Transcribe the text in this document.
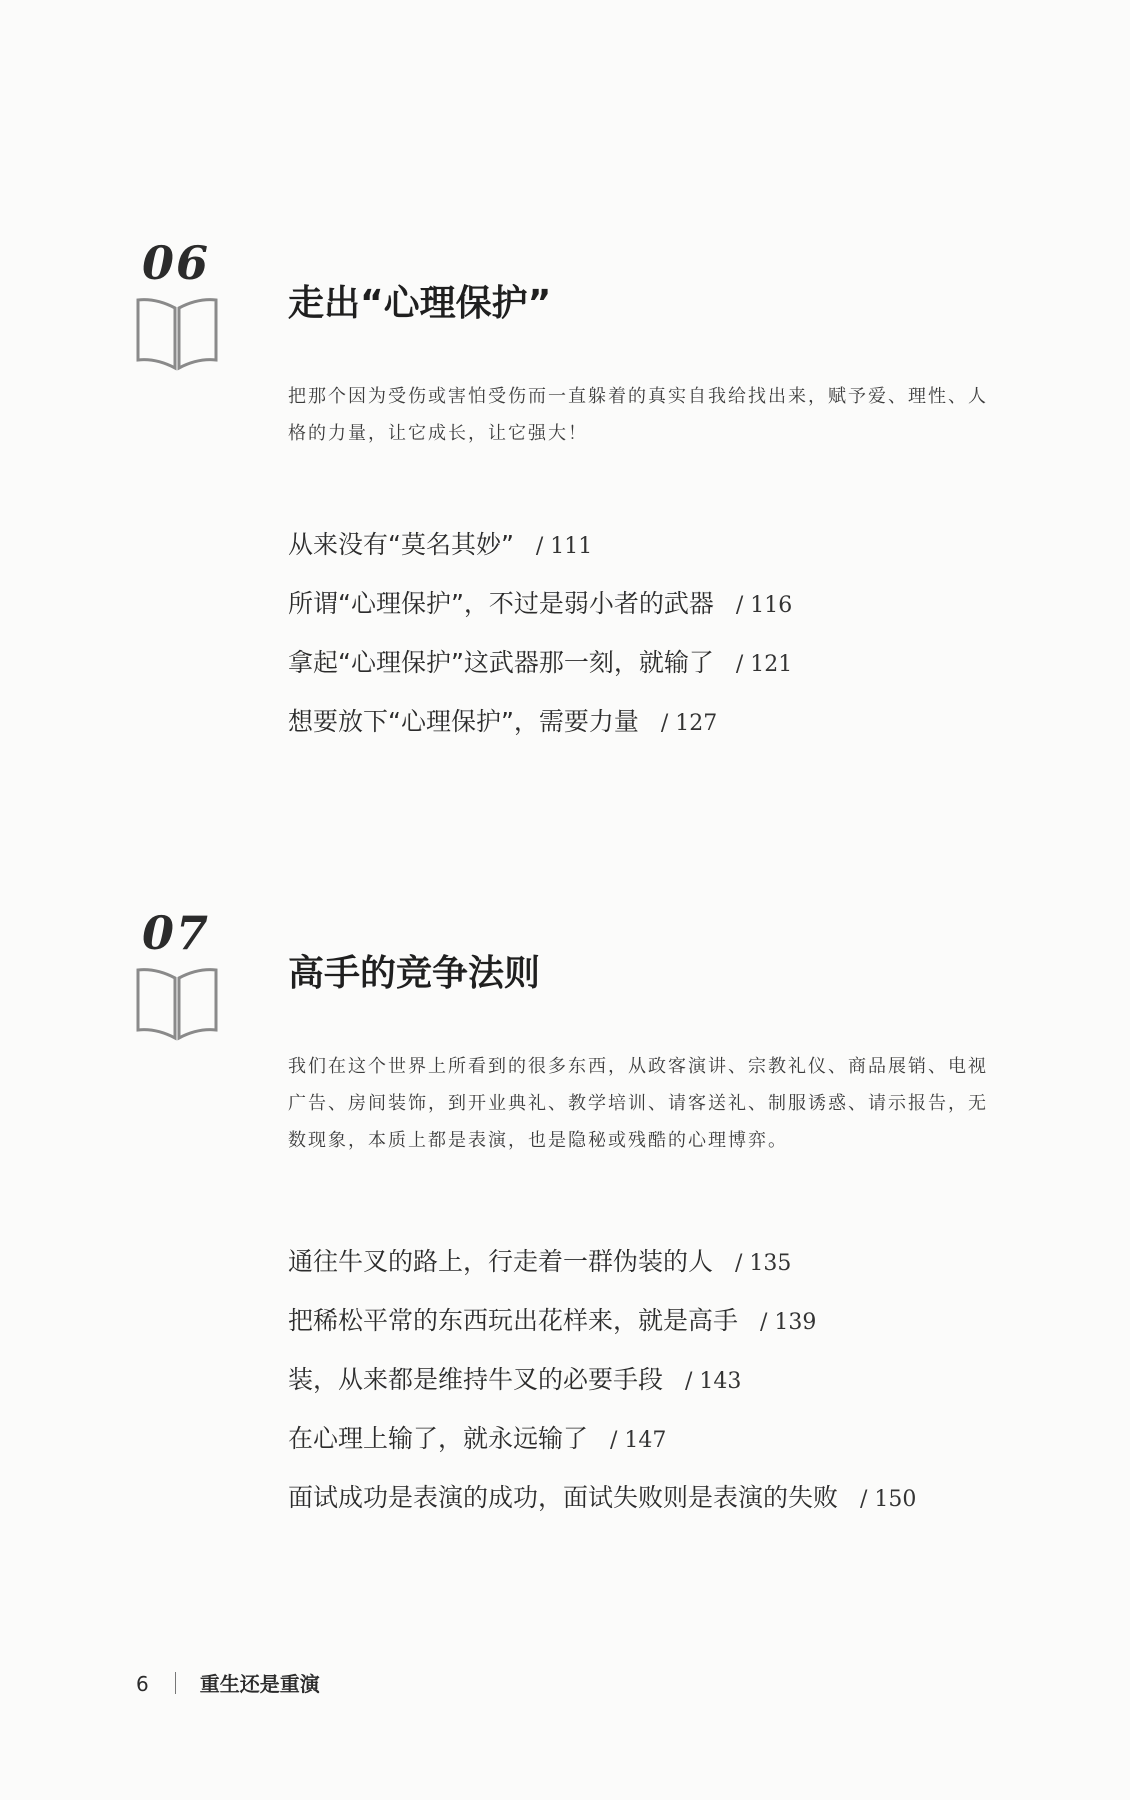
06
走出“心理保护”

把那个因为受伤或害怕受伤而一直躲着的真实自我给找出来，赋予爱、理性、人格的力量，让它成长，让它强大！

从来没有“莫名其妙” / 111
所谓“心理保护”，不过是弱小者的武器 / 116
拿起“心理保护”这武器那一刻，就输了 / 121
想要放下“心理保护”，需要力量 / 127
07
高手的竞争法则

我们在这个世界上所看到的很多东西，从政客演讲、宗教礼仪、商品展销、电视广告、房间装饰，到开业典礼、教学培训、请客送礼、制服诱惑、请示报告，无数现象，本质上都是表演，也是隐秘或残酷的心理博弈。

通往牛叉的路上，行走着一群伪装的人 / 135
把稀松平常的东西玩出花样来，就是高手 / 139
装，从来都是维持牛叉的必要手段 / 143
在心理上输了，就永远输了 / 147
面试成功是表演的成功，面试失败则是表演的失败 / 150
6	重生还是重演
